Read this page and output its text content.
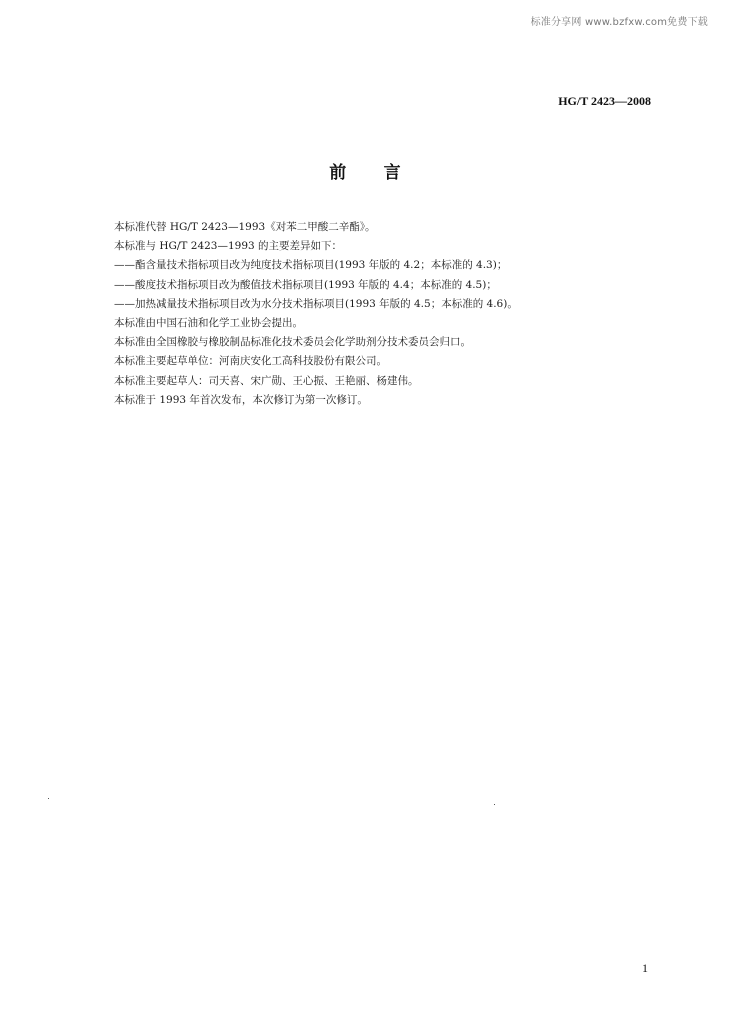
标准分享网 www.bzfxw.com免费下载
HG/T 2423—2008
前言
本标准代替 HG/T 2423—1993《对苯二甲酸二辛酯》。
本标准与 HG/T 2423—1993 的主要差异如下：
——酯含量技术指标项目改为纯度技术指标项目(1993 年版的 4.2；本标准的 4.3)；
——酸度技术指标项目改为酸值技术指标项目(1993 年版的 4.4；本标准的 4.5)；
——加热减量技术指标项目改为水分技术指标项目(1993 年版的 4.5；本标准的 4.6)。
本标准由中国石油和化学工业协会提出。
本标准由全国橡胶与橡胶制品标准化技术委员会化学助剂分技术委员会归口。
本标准主要起草单位：河南庆安化工高科技股份有限公司。
本标准主要起草人：司天喜、宋广勋、王心振、王艳丽、杨建伟。
本标准于 1993 年首次发布，本次修订为第一次修订。
1
